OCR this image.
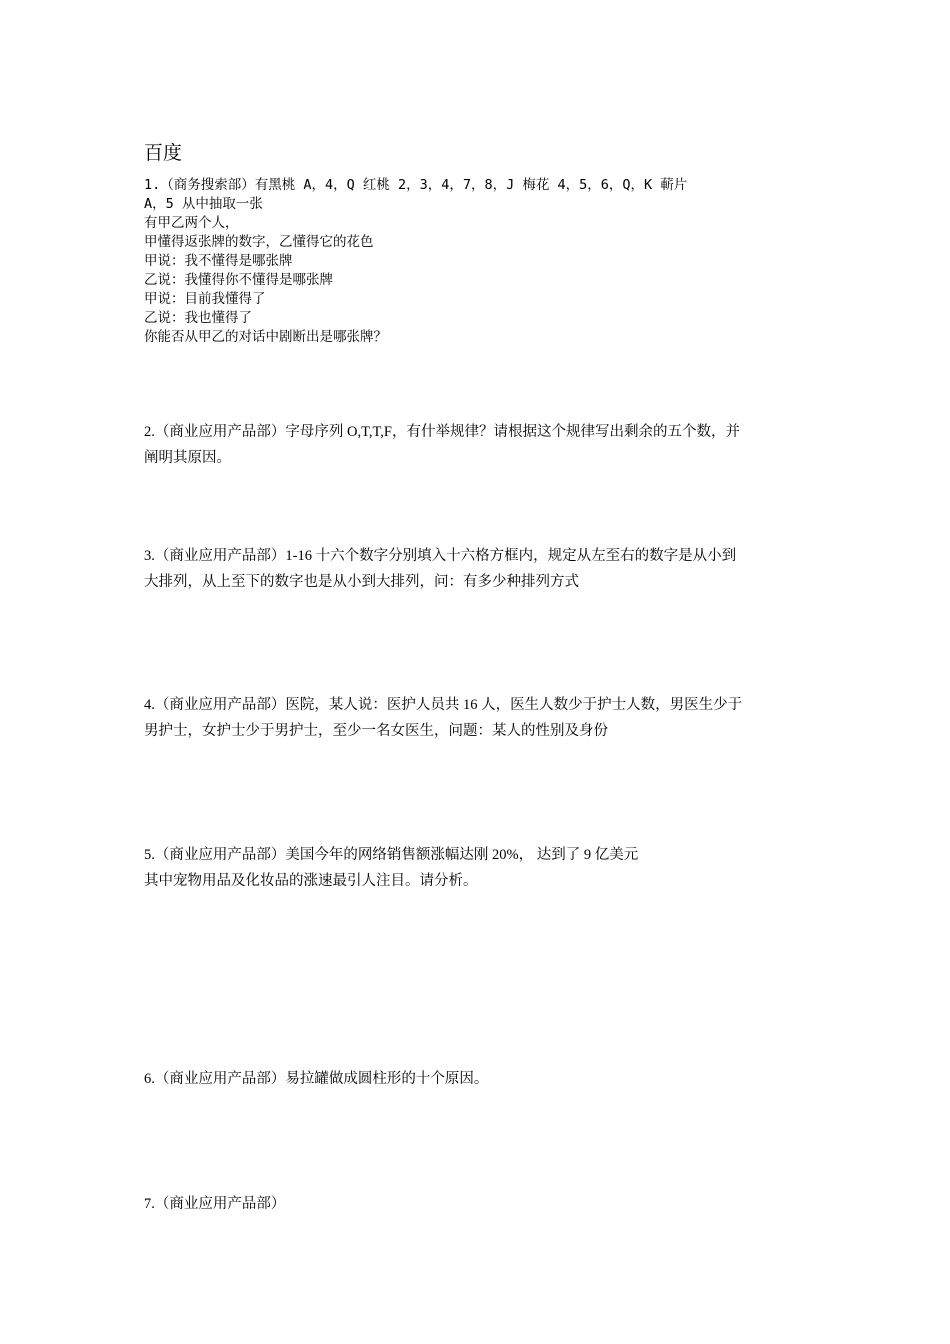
百度
1.（商务搜索部）有黑桃 A，4，Q 红桃 2，3，4，7，8，J 梅花 4，5，6，Q，K 蔪片
A，5 从中抽取一张
有甲乙两个人，
甲懂得返张牌的数字，乙懂得它的花色
甲说：我不懂得是哪张牌
乙说：我懂得你不懂得是哪张牌
甲说：目前我懂得了
乙说：我也懂得了
你能否从甲乙的对话中剧断出是哪张牌？
2.（商业应用产品部）字母序列 O,T,T,F，有什举规律？请根据这个规律写出剩余的五个数，并
阐明其原因。
3.（商业应用产品部）1-16 十六个数字分别填入十六格方框内，规定从左至右的数字是从小到
大排列，从上至下的数字也是从小到大排列，问：有多少种排列方式
4.（商业应用产品部）医院，某人说：医护人员共 16 人，医生人数少于护士人数，男医生少于
男护士，女护士少于男护士，至少一名女医生，问题：某人的性别及身份
5.（商业应用产品部）美国今年的网络销售额涨幅达刚 20%， 达到了 9 亿美元
其中宠物用品及化妆品的涨速最引人注目。请分析。
6.（商业应用产品部）易拉罐做成圆柱形的十个原因。
7.（商业应用产品部）
